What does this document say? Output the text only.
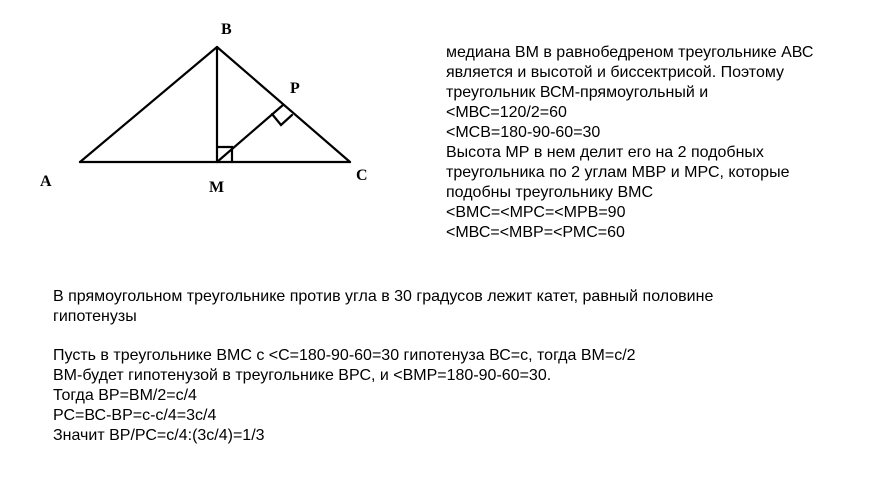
B
P
A	C
M
медиана ВМ в равнобедреном треугольнике АВС
является и высотой и биссектрисой. Поэтому
треугольник ВСМ-прямоугольный и
<МВС=120/2=60
<МСВ=180-90-60=30
Высота МР в нем делит его на 2 подобных
треугольника по 2 углам МВР и МРС, которые
подобны треугольнику ВМС
<ВМС=<МРС=<МРВ=90
<МВС=<МВР=<РМС=60
В прямоугольном треугольнике против угла в 30 градусов лежит катет, равный половине
гипотенузы
Пусть в треугольнике ВМС с <С=180-90-60=30 гипотенуза ВС=с, тогда ВМ=с/2
ВМ-будет гипотенузой в треугольнике ВРС, и <ВМР=180-90-60=30.
Тогда ВР=ВМ/2=с/4
РС=ВС-ВР=с-с/4=3с/4
Значит ВР/РС=с/4:(3с/4)=1/3
